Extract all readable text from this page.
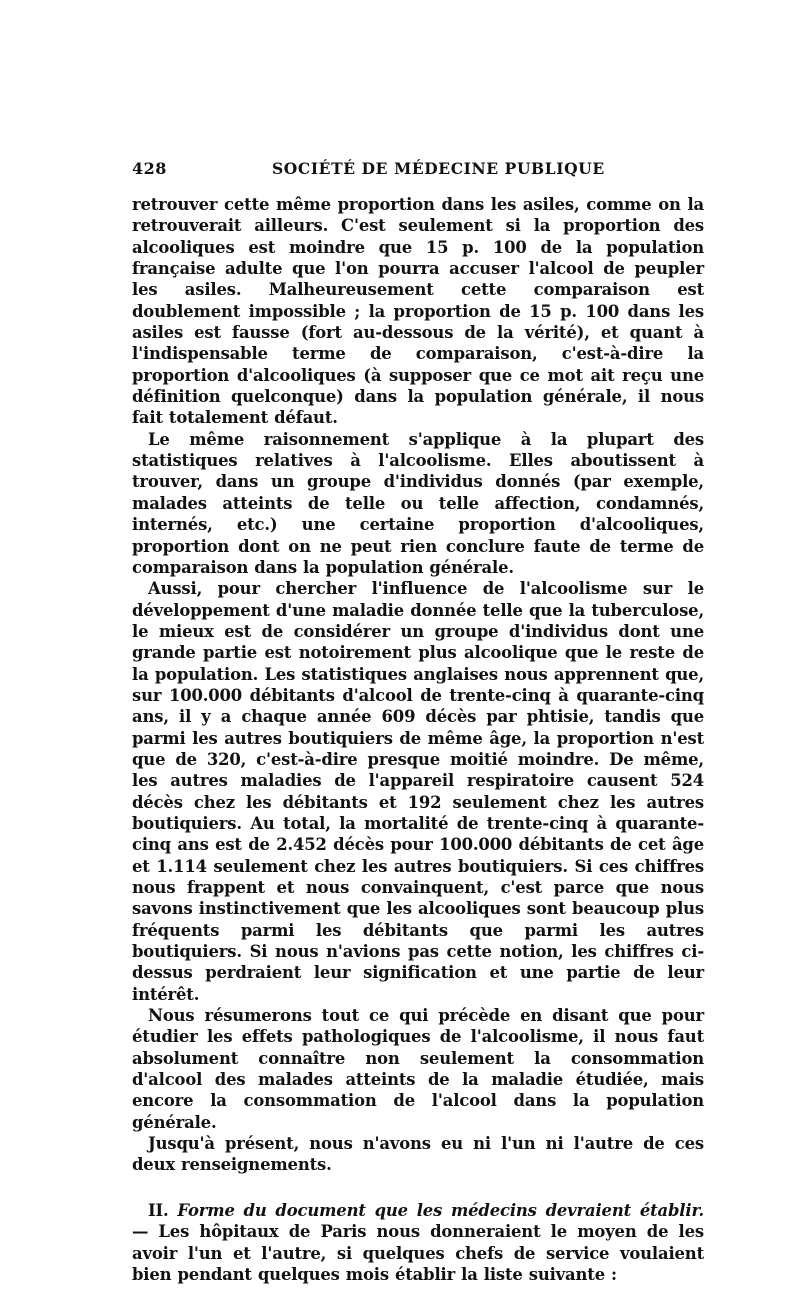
428	SOCIÉTÉ DE MÉDECINE PUBLIQUE

retrouver cette même proportion dans les asiles, comme on la retrouverait ailleurs. C'est seulement si la proportion des alcooliques est moindre que 15 p. 100 de la population française adulte que l'on pourra accuser l'alcool de peupler les asiles. Malheureusement cette comparaison est doublement impossible ; la proportion de 15 p. 100 dans les asiles est fausse (fort au-dessous de la vérité), et quant à l'indispensable terme de comparaison, c'est-à-dire la proportion d'alcooliques (à supposer que ce mot ait reçu une définition quelconque) dans la population générale, il nous fait totalement défaut.

Le même raisonnement s'applique à la plupart des statistiques relatives à l'alcoolisme. Elles aboutissent à trouver, dans un groupe d'individus donnés (par exemple, malades atteints de telle ou telle affection, condamnés, internés, etc.) une certaine proportion d'alcooliques, proportion dont on ne peut rien conclure faute de terme de comparaison dans la population générale.

Aussi, pour chercher l'influence de l'alcoolisme sur le développement d'une maladie donnée telle que la tuberculose, le mieux est de considérer un groupe d'individus dont une grande partie est notoirement plus alcoolique que le reste de la population. Les statistiques anglaises nous apprennent que, sur 100.000 débitants d'alcool de trente-cinq à quarante-cinq ans, il y a chaque année 609 décès par phtisie, tandis que parmi les autres boutiquiers de même âge, la proportion n'est que de 320, c'est-à-dire presque moitié moindre. De même, les autres maladies de l'appareil respiratoire causent 524 décès chez les débitants et 192 seulement chez les autres boutiquiers. Au total, la mortalité de trente-cinq à quarante-cinq ans est de 2.452 décès pour 100.000 débitants de cet âge et 1.114 seulement chez les autres boutiquiers. Si ces chiffres nous frappent et nous convainquent, c'est parce que nous savons instinctivement que les alcooliques sont beaucoup plus fréquents parmi les débitants que parmi les autres boutiquiers. Si nous n'avions pas cette notion, les chiffres ci-dessus perdraient leur signification et une partie de leur intérêt.

Nous résumerons tout ce qui précède en disant que pour étudier les effets pathologiques de l'alcoolisme, il nous faut absolument connaître non seulement la consommation d'alcool des malades atteints de la maladie étudiée, mais encore la consommation de l'alcool dans la population générale.

Jusqu'à présent, nous n'avons eu ni l'un ni l'autre de ces deux renseignements.

II. Forme du document que les médecins devraient établir. — Les hôpitaux de Paris nous donneraient le moyen de les avoir l'un et l'autre, si quelques chefs de service voulaient bien pendant quelques mois établir la liste suivante :
